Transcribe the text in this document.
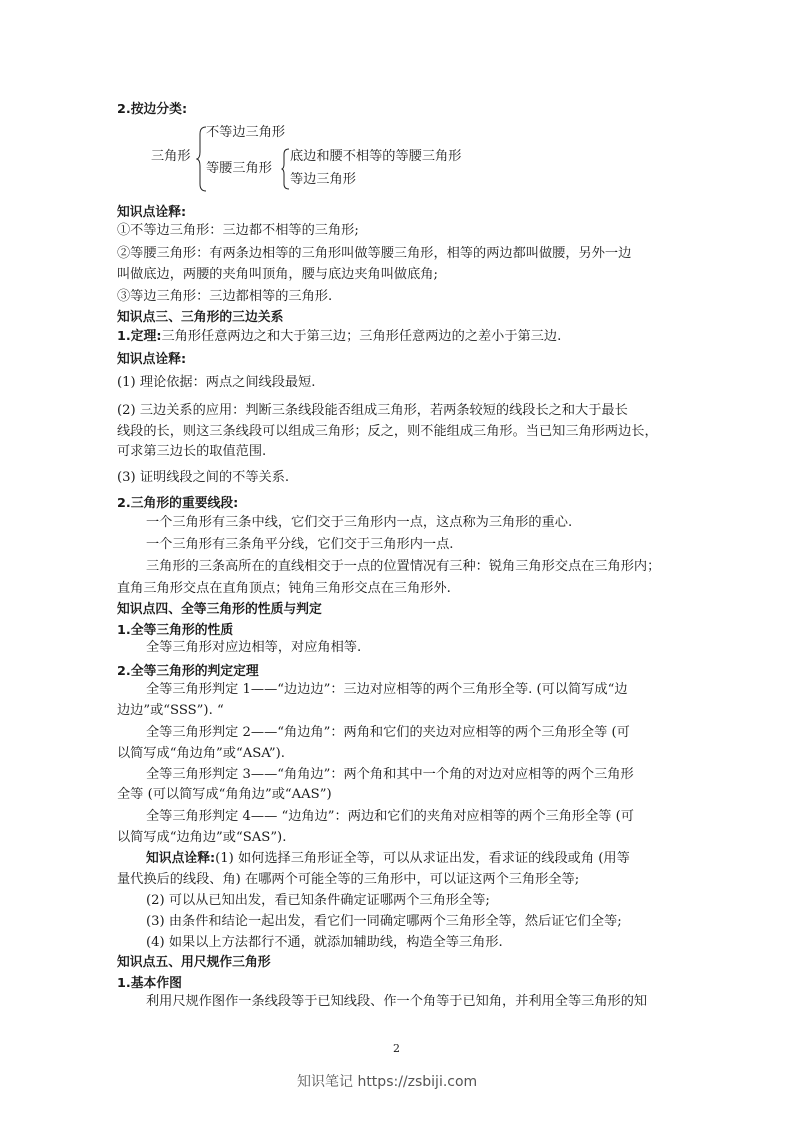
2.按边分类:
三角形
不等边三角形
等腰三角形
底边和腰不相等的等腰三角形
等边三角形
知识点诠释:
①不等边三角形：三边都不相等的三角形;
②等腰三角形：有两条边相等的三角形叫做等腰三角形，相等的两边都叫做腰，另外一边
叫做底边，两腰的夹角叫顶角，腰与底边夹角叫做底角;
③等边三角形：三边都相等的三角形.
知识点三、三角形的三边关系
1.定理:三角形任意两边之和大于第三边；三角形任意两边的之差小于第三边.
知识点诠释:
(1) 理论依据：两点之间线段最短.
(2) 三边关系的应用：判断三条线段能否组成三角形，若两条较短的线段长之和大于最长
线段的长，则这三条线段可以组成三角形；反之，则不能组成三角形。当已知三角形两边长，
可求第三边长的取值范围.
(3) 证明线段之间的不等关系.
2.三角形的重要线段:
一个三角形有三条中线，它们交于三角形内一点，这点称为三角形的重心.
一个三角形有三条角平分线，它们交于三角形内一点.
三角形的三条高所在的直线相交于一点的位置情况有三种：锐角三角形交点在三角形内；
直角三角形交点在直角顶点；钝角三角形交点在三角形外.
知识点四、全等三角形的性质与判定
1.全等三角形的性质
全等三角形对应边相等，对应角相等.
2.全等三角形的判定定理
全等三角形判定 1——“边边边”：三边对应相等的两个三角形全等. (可以简写成“边
边边”或“SSS”). “
全等三角形判定 2——“角边角”：两角和它们的夹边对应相等的两个三角形全等 (可
以简写成“角边角”或“ASA”).
全等三角形判定 3——“角角边”：两个角和其中一个角的对边对应相等的两个三角形
全等 (可以简写成“角角边”或“AAS”)
全等三角形判定 4—— “边角边”：两边和它们的夹角对应相等的两个三角形全等 (可
以简写成“边角边”或“SAS”).
知识点诠释:(1) 如何选择三角形证全等，可以从求证出发，看求证的线段或角 (用等
量代换后的线段、角) 在哪两个可能全等的三角形中，可以证这两个三角形全等;
(2) 可以从已知出发，看已知条件确定证哪两个三角形全等;
(3) 由条件和结论一起出发，看它们一同确定哪两个三角形全等，然后证它们全等;
(4) 如果以上方法都行不通，就添加辅助线，构造全等三角形.
知识点五、用尺规作三角形
1.基本作图
利用尺规作图作一条线段等于已知线段、作一个角等于已知角，并利用全等三角形的知
2
知识笔记 https://zsbiji.com
